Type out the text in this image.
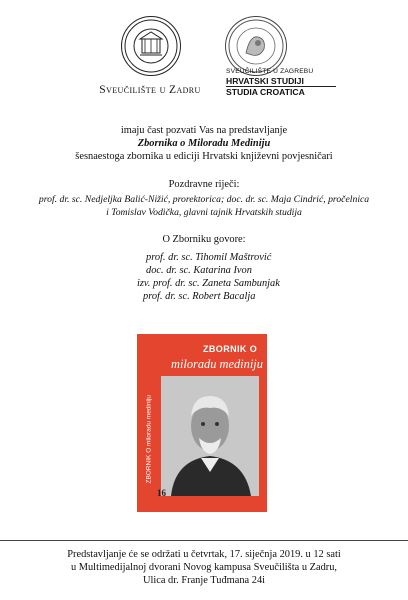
Sveučilište u Zadru
SVEUČILIŠTE U ZAGREBU
HRVATSKI STUDIJI
STUDIA CROATICA
imaju čast pozvati Vas na predstavljanje
Zbornika o Miloradu Mediniju
šesnaestoga zbornika u ediciji Hrvatski književni povjesničari
Pozdravne riječi:
prof. dr. sc. Nedjeljka Balić-Nižić, prorektorica; doc. dr. sc. Maja Cindrić, pročelnica
i Tomislav Vodička, glavni tajnik Hrvatskih studija
O Zborniku govore:
prof. dr. sc. Tihomil Maštrović
doc. dr. sc. Katarina Ivon
izv. prof. dr. sc. Zaneta Sambunjak
prof. dr. sc. Robert Bacalja
ZBORNIK O miloradu mediniju
ZBORNIK O
miloradu mediniju
16
Predstavljanje će se održati u četvrtak, 17. siječnja 2019. u 12 sati
u Multimedijalnoj dvorani Novog kampusa Sveučilišta u Zadru,
Ulica dr. Franje Tuđmana 24i
